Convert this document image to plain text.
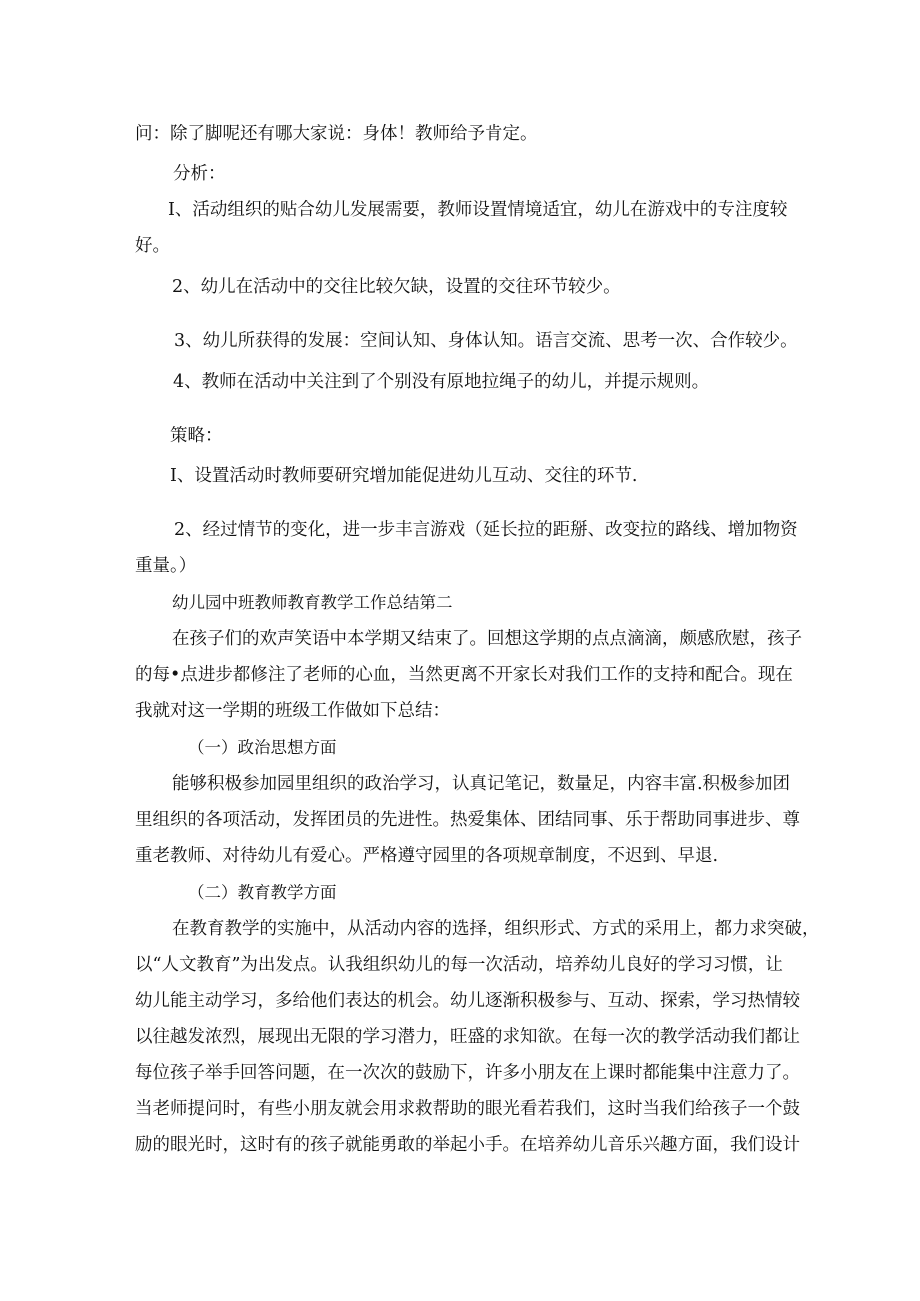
问：除了脚呢还有哪大家说：身体！教师给予肯定。

分析：

I、活动组织的贴合幼儿发展需要，教师设置情境适宜，幼儿在游戏中的专注度较

好。

2、幼儿在活动中的交往比较欠缺，设置的交往环节较少。

3、幼儿所获得的发展：空间认知、身体认知。语言交流、思考一次、合作较少。

4、教师在活动中关注到了个别没有原地拉绳子的幼儿，并提示规则。

策略：

I、设置活动时教师要研究增加能促进幼儿互动、交往的环节.

2、经过情节的变化，进一步丰言游戏（延长拉的距掰、改变拉的路线、增加物资

重量。）

幼儿园中班教师教育教学工作总结第二

在孩子们的欢声笑语中本学期又结束了。回想这学期的点点滴滴，颇感欣慰，孩子

的每•点进步都修注了老师的心血，当然更离不开家长对我们工作的支持和配合。现在

我就对这一学期的班级工作做如下总结：

（一）政治思想方面

能够积极参加园里组织的政治学习，认真记笔记，数量足，内容丰富.积极参加团

里组织的各项活动，发挥团员的先进性。热爱集体、团结同事、乐于帮助同事进步、尊

重老教师、对待幼儿有爱心。严格遵守园里的各项规章制度，不迟到、早退.

（二）教育教学方面

在教育教学的实施中，从活动内容的选择，组织形式、方式的采用上，都力求突破，

以“人文教育”为出发点。认我组织幼儿的每一次活动，培养幼儿良好的学习习惯，让

幼儿能主动学习，多给他们表达的机会。幼儿逐渐积极参与、互动、探索，学习热情较

以往越发浓烈，展现出无限的学习潜力，旺盛的求知欲。在每一次的教学活动我们都让

每位孩子举手回答问题，在一次次的鼓励下，许多小朋友在上课时都能集中注意力了。

当老师提问时，有些小朋友就会用求救帮助的眼光看若我们，这时当我们给孩子一个鼓

励的眼光时，这时有的孩子就能勇敢的举起小手。在培养幼儿音乐兴趣方面，我们设计
